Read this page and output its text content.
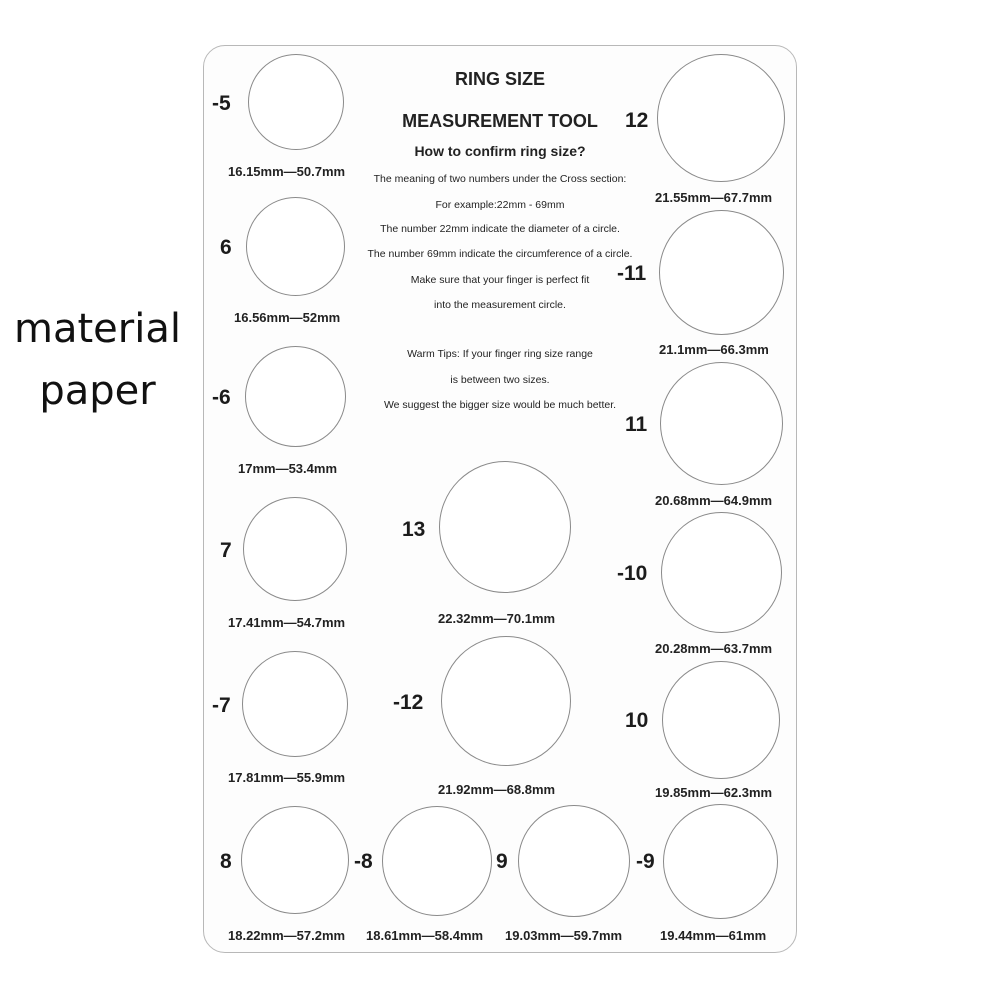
material
paper
RING SIZE
MEASUREMENT TOOL
How to confirm ring size?
The meaning of two numbers under the Cross section:
For example:22mm - 69mm
The number 22mm indicate the diameter of a circle.
The number 69mm indicate the circumference of a circle.
Make sure that your finger is perfect fit
into the measurement circle.
Warm Tips: If your finger ring size range
is between two sizes.
We suggest the bigger size would be much better.
-5
16.15mm—50.7mm
6
16.56mm—52mm
-6
17mm—53.4mm
7
17.41mm—54.7mm
-7
17.81mm—55.9mm
8
18.22mm—57.2mm
-8
18.61mm—58.4mm
9
19.03mm—59.7mm
-9
19.44mm—61mm
12
21.55mm—67.7mm
-11
21.1mm—66.3mm
11
20.68mm—64.9mm
-10
20.28mm—63.7mm
10
19.85mm—62.3mm
13
22.32mm—70.1mm
-12
21.92mm—68.8mm
